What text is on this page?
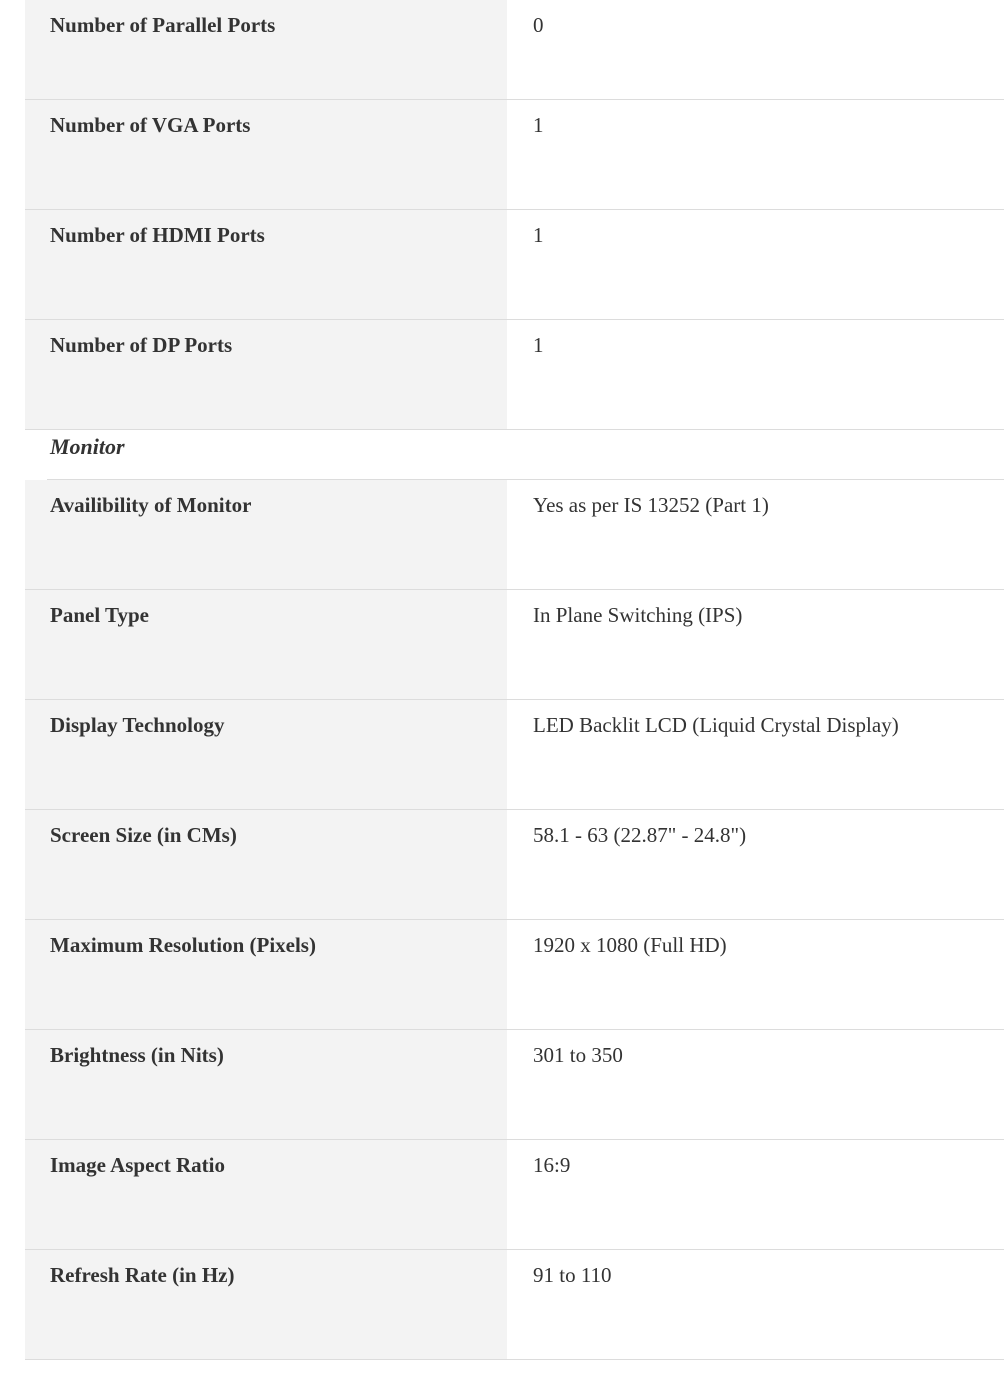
Number of Parallel Ports	0
Number of VGA Ports	1
Number of HDMI Ports	1
Number of DP Ports	1
Monitor
Availibility of Monitor	Yes as per IS 13252 (Part 1)
Panel Type	In Plane Switching (IPS)
Display Technology	LED Backlit LCD (Liquid Crystal Display)
Screen Size (in CMs)	58.1 - 63 (22.87" - 24.8")
Maximum Resolution (Pixels)	1920 x 1080 (Full HD)
Brightness (in Nits)	301 to 350
Image Aspect Ratio	16:9
Refresh Rate (in Hz)	91 to 110
